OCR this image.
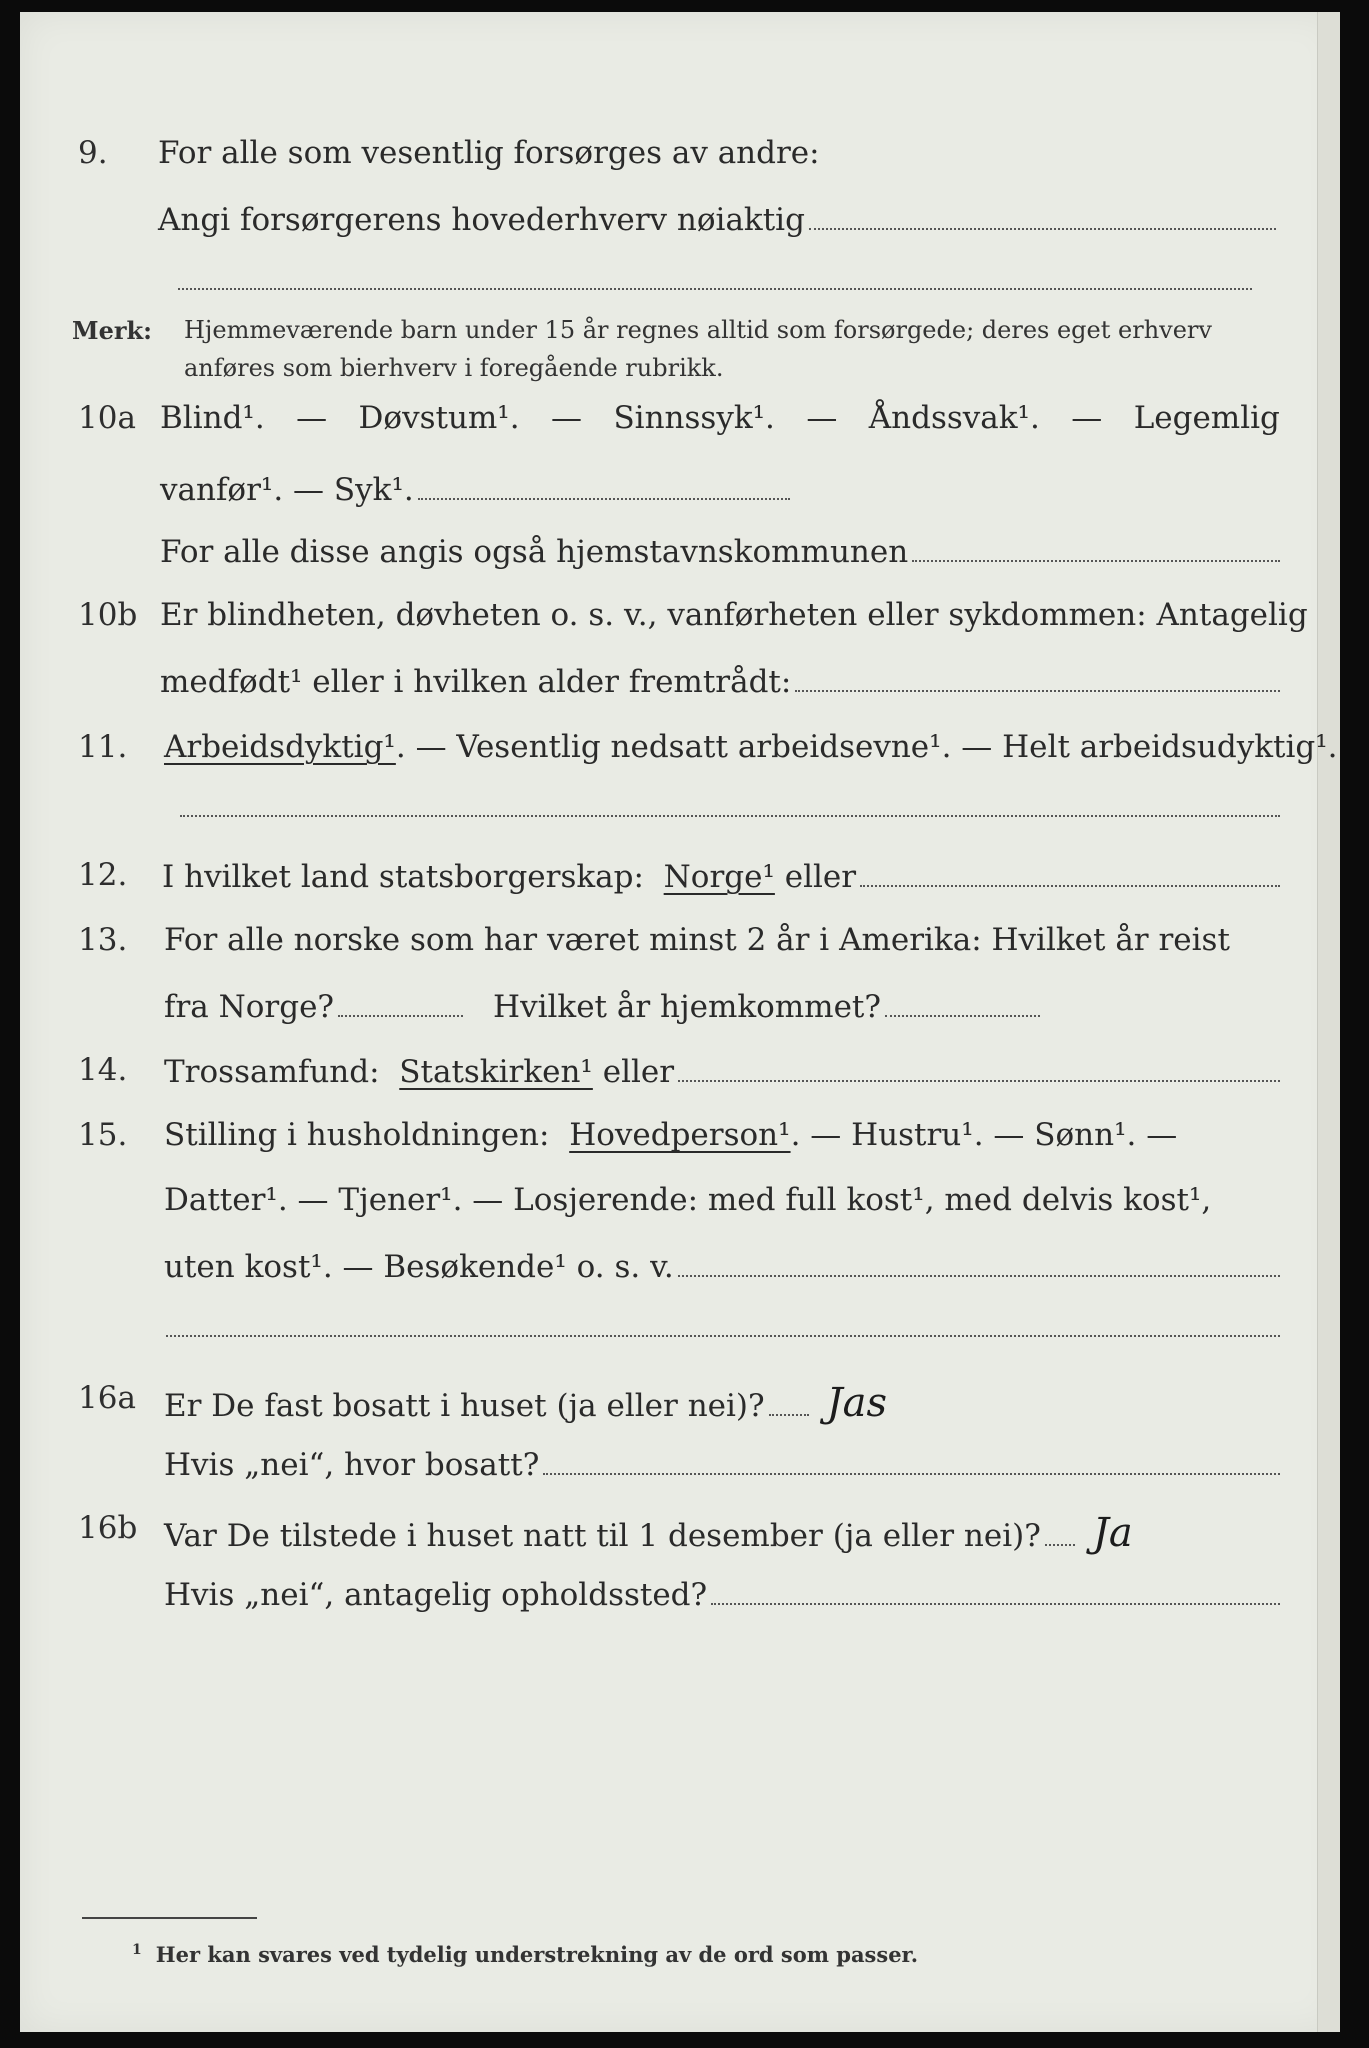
9. For alle som vesentlig forsørges av andre:
Angi forsørgerens hovederhverv nøiaktig
Merk: Hjemmeværende barn under 15 år regnes alltid som forsørgede; deres eget erhverv
anføres som bierhverv i foregående rubrikk.
10a Blind¹. — Døvstum¹. — Sinnssyk¹. — Åndssvak¹. — Legemlig
vanfør¹. — Syk¹.
For alle disse angis også hjemstavnskommunen
10b Er blindheten, døvheten o. s. v., vanførheten eller sykdommen: Antagelig
medfødt¹ eller i hvilken alder fremtrådt:
11. Arbeidsdyktig¹. — Vesentlig nedsatt arbeidsevne¹. — Helt arbeidsudyktig¹.
12. I hvilket land statsborgerskap:
Norge¹
eller
13. For alle norske som har været minst 2 år i Amerika: Hvilket år reist
fra Norge?	Hvilket år hjemkommet?
14. Trossamfund:
Statskirken¹
eller
15. Stilling i husholdningen: Hovedperson¹. — Hustru¹. — Sønn¹. —
Datter¹. — Tjener¹. — Losjerende: med full kost¹, med delvis kost¹,
uten kost¹. — Besøkende¹ o. s. v.
16a Er De fast bosatt i huset (ja eller nei)? Jas
Hvis „nei“, hvor bosatt?
16b Var De tilstede i huset natt til 1 desember (ja eller nei)? Ja
Hvis „nei“, antagelig opholdssted?
$^1$ Her kan svares ved tydelig understrekning av de ord som passer.
